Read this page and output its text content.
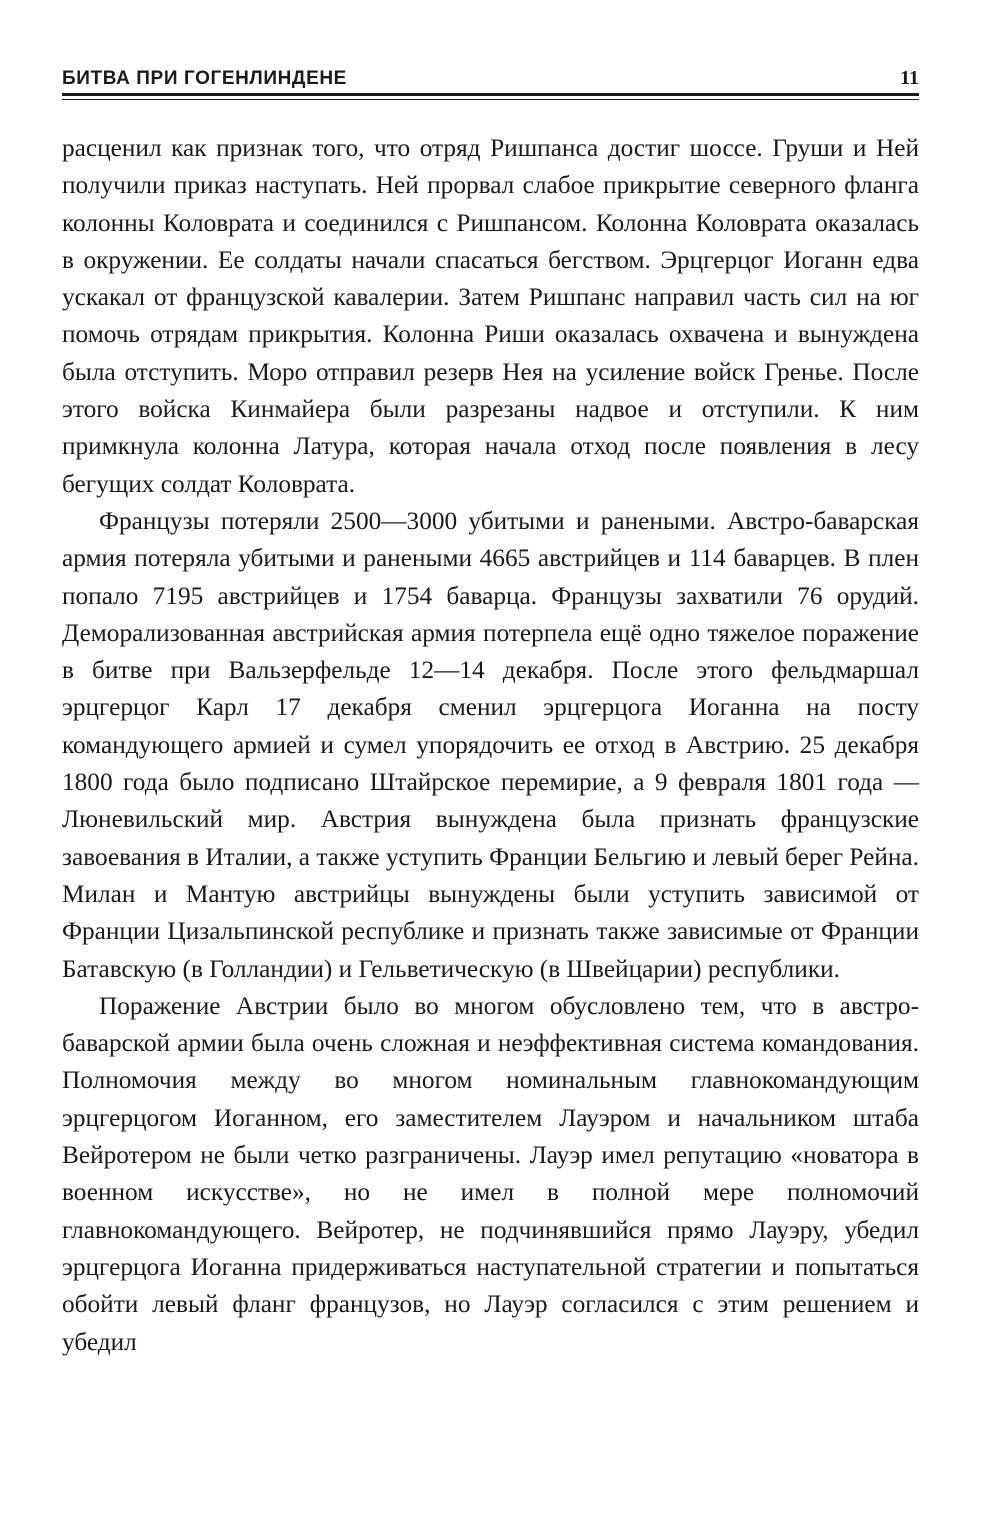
БИТВА ПРИ ГОГЕНЛИНДЕНЕ	11

расценил как признак того, что отряд Ришпанса достиг шоссе. Груши и Ней получили приказ наступать. Ней прорвал слабое прикрытие северного фланга колонны Коловрата и соединился с Ришпансом. Колонна Коловрата оказалась в окружении. Ее солдаты начали спасаться бегством. Эрцгерцог Иоганн едва ускакал от французской кавалерии. Затем Ришпанс направил часть сил на юг помочь отрядам прикрытия. Колонна Риши оказалась охвачена и вынуждена была отступить. Моро отправил резерв Нея на усиление войск Гренье. После этого войска Кинмайера были разрезаны надвое и отступили. К ним примкнула колонна Латура, которая начала отход после появления в лесу бегущих солдат Коловрата.

Французы потеряли 2500—3000 убитыми и ранеными. Австро-баварская армия потеряла убитыми и ранеными 4665 австрийцев и 114 баварцев. В плен попало 7195 австрийцев и 1754 баварца. Французы захватили 76 орудий. Деморализованная австрийская армия потерпела ещё одно тяжелое поражение в битве при Вальзерфельде 12—14 декабря. После этого фельдмаршал эрцгерцог Карл 17 декабря сменил эрцгерцога Иоганна на посту командующего армией и сумел упорядочить ее отход в Австрию. 25 декабря 1800 года было подписано Штайрское перемирие, а 9 февраля 1801 года — Люневильский мир. Австрия вынуждена была признать французские завоевания в Италии, а также уступить Франции Бельгию и левый берег Рейна. Милан и Мантую австрийцы вынуждены были уступить зависимой от Франции Цизальпинской республике и признать также зависимые от Франции Батавскую (в Голландии) и Гельветическую (в Швейцарии) республики.

Поражение Австрии было во многом обусловлено тем, что в австро-баварской армии была очень сложная и неэффективная система командования. Полномочия между во многом номинальным главнокомандующим эрцгерцогом Иоганном, его заместителем Лауэром и начальником штаба Вейротером не были четко разграничены. Лауэр имел репутацию «новатора в военном искусстве», но не имел в полной мере полномочий главнокомандующего. Вейротер, не подчинявшийся прямо Лауэру, убедил эрцгерцога Иоганна придерживаться наступательной стратегии и попытаться обойти левый фланг французов, но Лауэр согласился с этим решением и убедил
